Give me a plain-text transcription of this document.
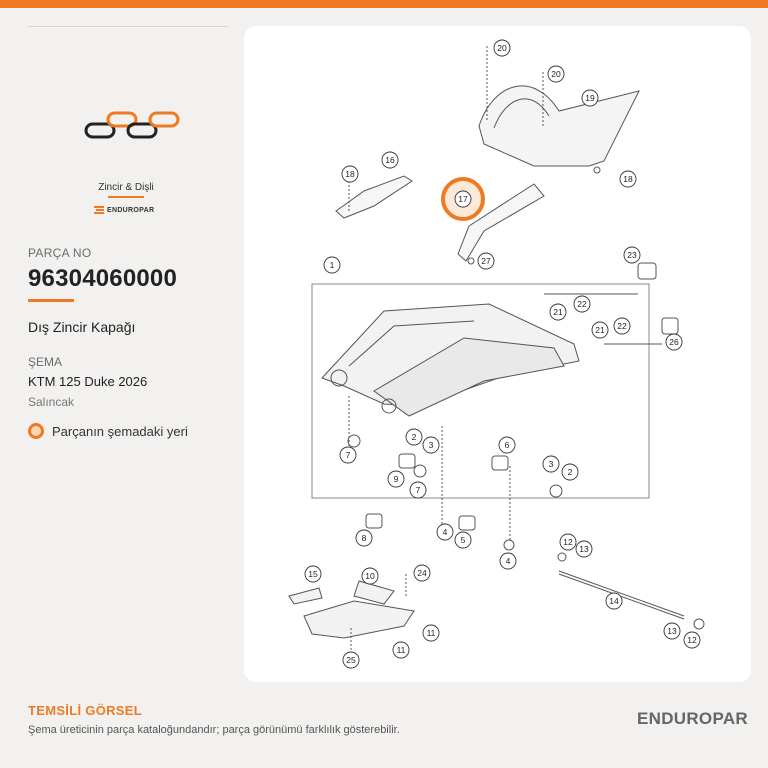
Zincir & Dişli
ENDUROPAR
PARÇA NO
96304060000
Dış Zincir Kapağı
ŞEMA
KTM 125 Duke 2026
Salıncak
Parçanın şemadaki yeri
20
20
19
18
16
17
18
27
1
23
22
21
22
21
26
2
3
7
6
9
7
3
2
8
4
5
4
12
13
14
15	10	24
11
11
25
13
12
TEMSİLİ GÖRSEL
Şema üreticinin parça kataloğundandır; parça görünümü farklılık gösterebilir.
ENDUROPAR
